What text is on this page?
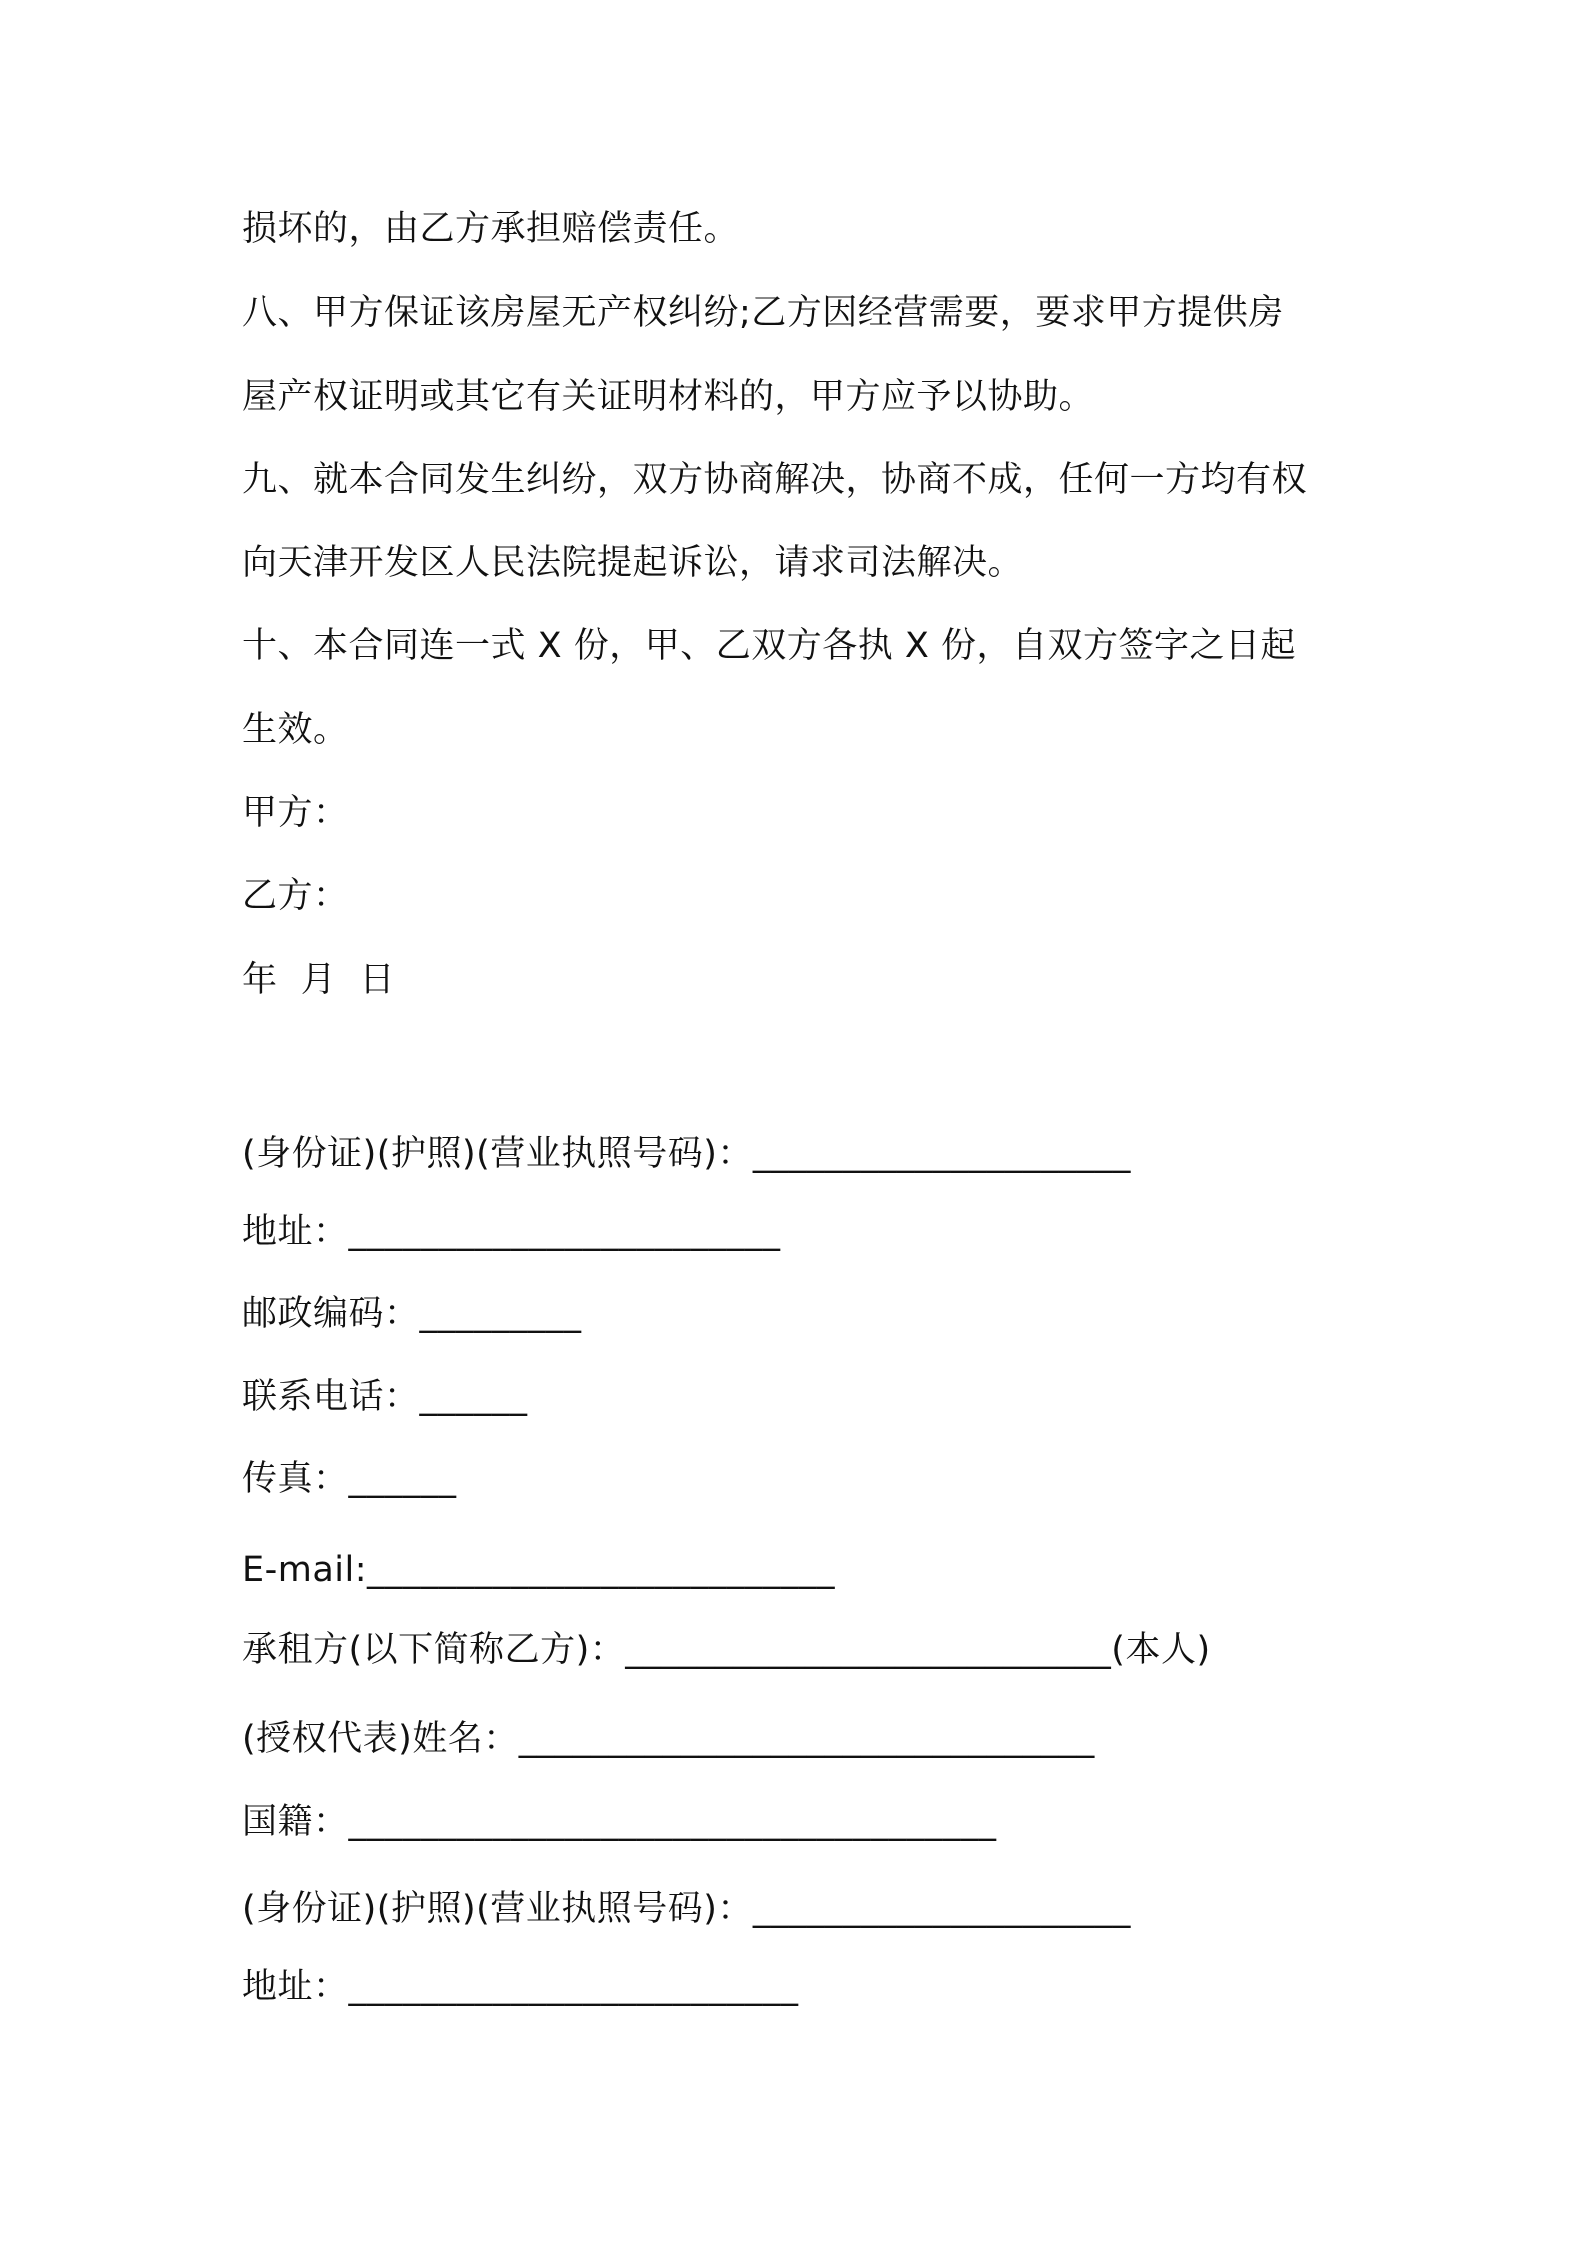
损坏的，由乙方承担赔偿责任。
八、甲方保证该房屋无产权纠纷;乙方因经营需要，要求甲方提供房
屋产权证明或其它有关证明材料的，甲方应予以协助。
九、就本合同发生纠纷，双方协商解决，协商不成，任何一方均有权
向天津开发区人民法院提起诉讼，请求司法解决。
十、本合同连一式 X 份，甲、乙双方各执 X 份，自双方签字之日起
生效。
甲方：
乙方：
年  月  日
(身份证)(护照)(营业执照号码)：_____________________
地址：________________________
邮政编码：_________
联系电话：______
传真：______
E-mail:__________________________
承租方(以下简称乙方)：___________________________(本人)
(授权代表)姓名：________________________________
国籍：____________________________________
(身份证)(护照)(营业执照号码)：_____________________
地址：_________________________
